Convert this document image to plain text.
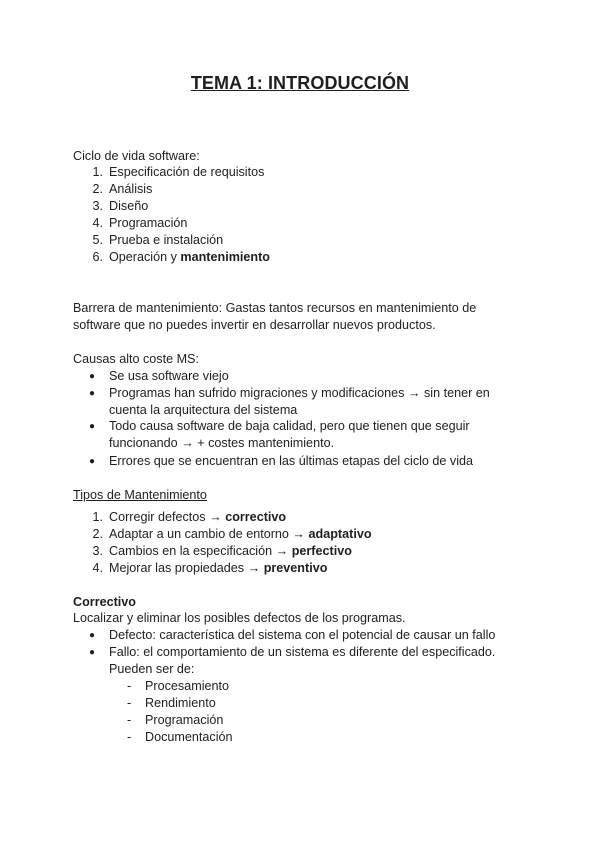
TEMA 1: INTRODUCCIÓN
Ciclo de vida software:
1. Especificación de requisitos
2. Análisis
3. Diseño
4. Programación
5. Prueba e instalación
6. Operación y mantenimiento
Barrera de mantenimiento: Gastas tantos recursos en mantenimiento de
software que no puedes invertir en desarrollar nuevos productos.
Causas alto coste MS:
● Se usa software viejo
● Programas han sufrido migraciones y modificaciones → sin tener en
cuenta la arquitectura del sistema
● Todo causa software de baja calidad, pero que tienen que seguir
funcionando → + costes mantenimiento.
● Errores que se encuentran en las últimas etapas del ciclo de vida
Tipos de Mantenimiento
1. Corregir defectos → correctivo
2. Adaptar a un cambio de entorno → adaptativo
3. Cambios en la especificación → perfectivo
4. Mejorar las propiedades → preventivo
Correctivo
Localizar y eliminar los posibles defectos de los programas.
● Defecto: característica del sistema con el potencial de causar un fallo
● Fallo: el comportamiento de un sistema es diferente del especificado.
Pueden ser de:
- Procesamiento
- Rendimiento
- Programación
- Documentación
